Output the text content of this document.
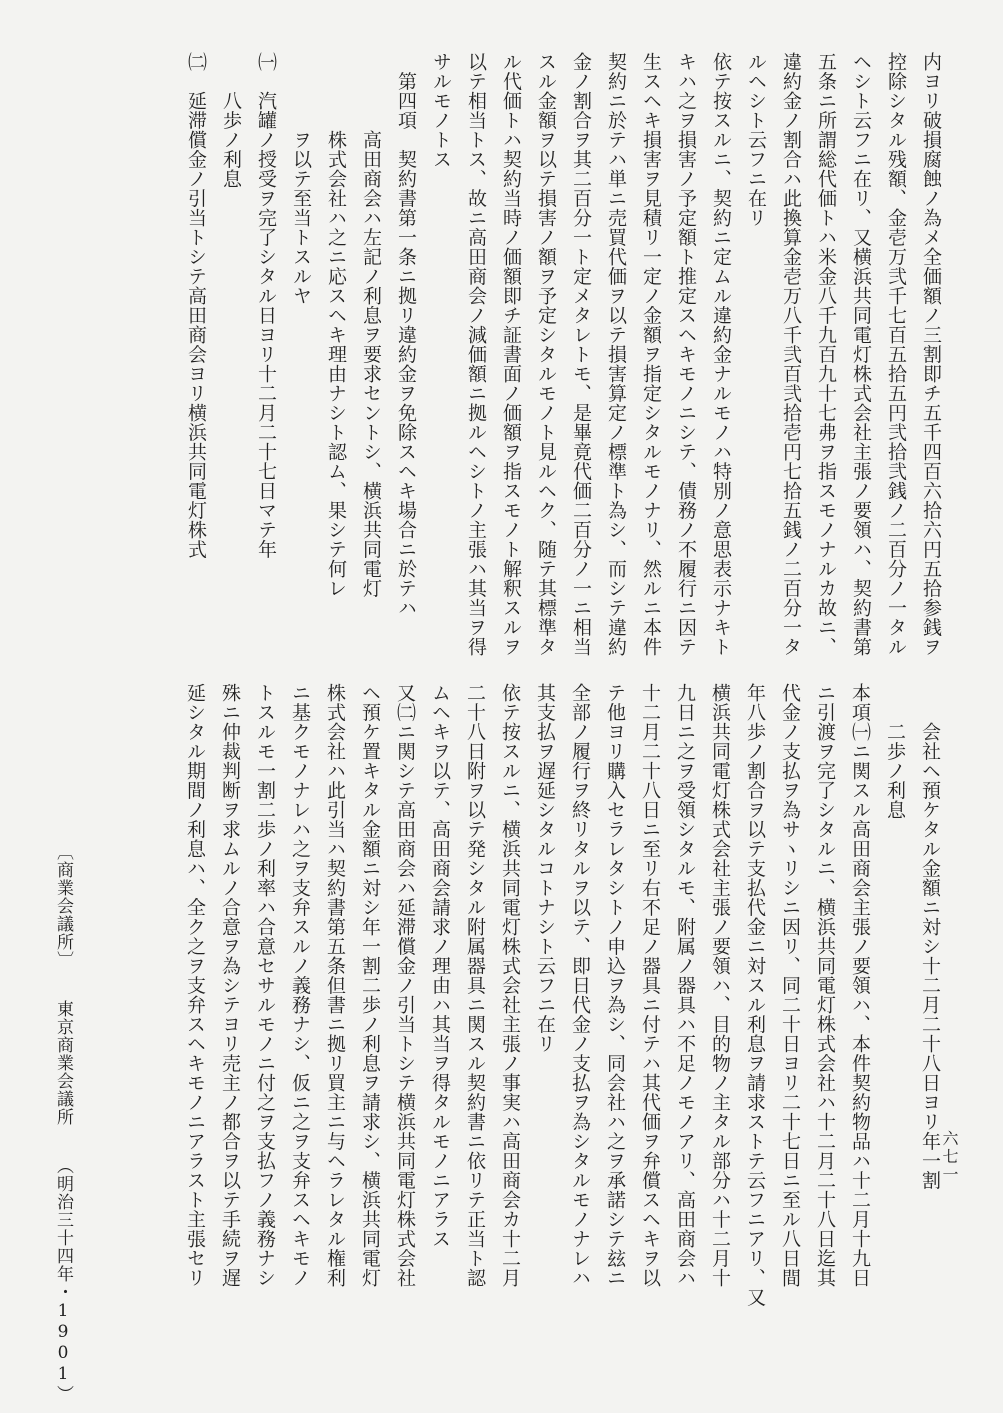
内ヨリ破損腐蝕ノ為メ全価額ノ三割即チ五千四百六拾六円五拾参銭ヲ
控除シタル残額、金壱万弐千七百五拾五円弐拾弐銭ノ二百分ノ一タル
ヘシト云フニ在リ、又横浜共同電灯株式会社主張ノ要領ハ、契約書第
五条ニ所謂総代価トハ米金八千九百九十七弗ヲ指スモノナルカ故ニ、
違約金ノ割合ハ此換算金壱万八千弐百弐拾壱円七拾五銭ノ二百分一タ
ルヘシト云フニ在リ
依テ按スルニ、契約ニ定ムル違約金ナルモノハ特別ノ意思表示ナキト
キハ之ヲ損害ノ予定額ト推定スヘキモノニシテ、債務ノ不履行ニ因テ
生スヘキ損害ヲ見積リ一定ノ金額ヲ指定シタルモノナリ、然ルニ本件
契約ニ於テハ単ニ売買代価ヲ以テ損害算定ノ標準ト為シ、而シテ違約
金ノ割合ヲ其二百分一ト定メタレトモ、是畢竟代価二百分ノ一ニ相当
スル金額ヲ以テ損害ノ額ヲ予定シタルモノト見ルヘク、随テ其標準タ
ル代価トハ契約当時ノ価額即チ証書面ノ価額ヲ指スモノト解釈スルヲ
以テ相当トス、故ニ高田商会ノ減価額ニ拠ルヘシトノ主張ハ其当ヲ得
サルモノトス
　第四項　契約書第一条ニ拠リ違約金ヲ免除スヘキ場合ニ於テハ
　　　　高田商会ハ左記ノ利息ヲ要求セントシ、横浜共同電灯
　　　　株式会社ハ之ニ応スヘキ理由ナシト認ム、果シテ何レ
　　　　ヲ以テ至当トスルヤ
㈠　汽罐ノ授受ヲ完了シタル日ヨリ十二月二十七日マテ年
　　八歩ノ利息
㈡　延滞償金ノ引当トシテ高田商会ヨリ横浜共同電灯株式
　　会社ヘ預ケタル金額ニ対シ十二月二十八日ヨリ年一割
　　二歩ノ利息
本項㈠ニ関スル高田商会主張ノ要領ハ、本件契約物品ハ十二月十九日
ニ引渡ヲ完了シタルニ、横浜共同電灯株式会社ハ十二月二十八日迄其
代金ノ支払ヲ為サヽリシニ因リ、同二十日ヨリ二十七日ニ至ル八日間
年八歩ノ割合ヲ以テ支払代金ニ対スル利息ヲ請求ストテ云フニアリ、又
横浜共同電灯株式会社主張ノ要領ハ、目的物ノ主タル部分ハ十二月十
九日ニ之ヲ受領シタルモ、附属ノ器具ハ不足ノモノアリ、高田商会ハ
十二月二十八日ニ至リ右不足ノ器具ニ付テハ其代価ヲ弁償スヘキヲ以
テ他ヨリ購入セラレタシトノ申込ヲ為シ、同会社ハ之ヲ承諾シテ玆ニ
全部ノ履行ヲ終リタルヲ以テ、即日代金ノ支払ヲ為シタルモノナレハ
其支払ヲ遅延シタルコトナシト云フニ在リ
依テ按スルニ、横浜共同電灯株式会社主張ノ事実ハ高田商会カ十二月
二十八日附ヲ以テ発シタル附属器具ニ関スル契約書ニ依リテ正当ト認
ムヘキヲ以テ、高田商会請求ノ理由ハ其当ヲ得タルモノニアラス
又㈡ニ関シテ高田商会ハ延滞償金ノ引当トシテ横浜共同電灯株式会社
ヘ預ケ置キタル金額ニ対シ年一割二歩ノ利息ヲ請求シ、横浜共同電灯
株式会社ハ此引当ハ契約書第五条但書ニ拠リ買主ニ与ヘラレタル権利
ニ基クモノナレハ之ヲ支弁スルノ義務ナシ、仮ニ之ヲ支弁スヘキモノ
トスルモ一割二歩ノ利率ハ合意セサルモノニ付之ヲ支払フノ義務ナシ
殊ニ仲裁判断ヲ求ムルノ合意ヲ為シテヨリ売主ノ都合ヲ以テ手続ヲ遅
延シタル期間ノ利息ハ、全ク之ヲ支弁スヘキモノニアラスト主張セリ
〔商業会議所〕 東京商業会議所 （明治三十四年・1901）	六七一
